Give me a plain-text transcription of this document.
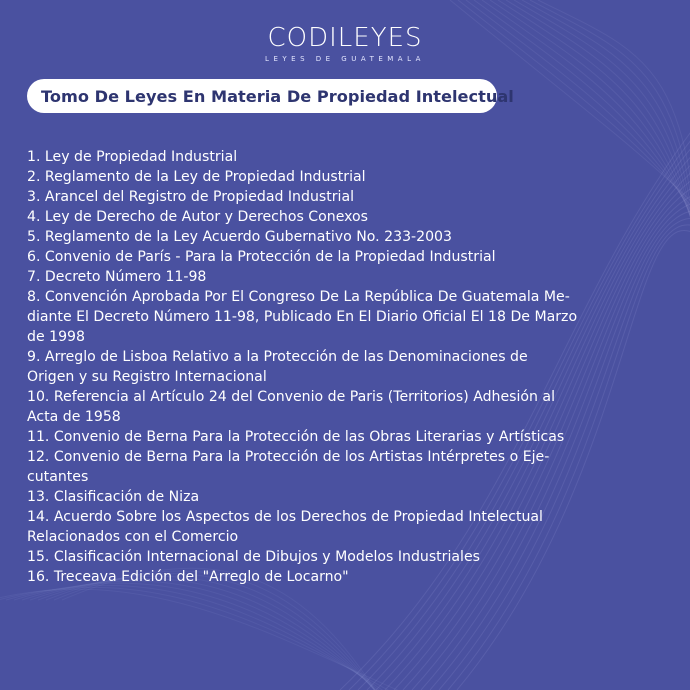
CODILEYES
LEYES DE GUATEMALA
Tomo De Leyes En Materia De Propiedad Intelectual
1. Ley de Propiedad Industrial
2. Reglamento de la Ley de Propiedad Industrial
3. Arancel del Registro de Propiedad Industrial
4. Ley de Derecho de Autor y Derechos Conexos
5. Reglamento de la Ley Acuerdo Gubernativo No. 233-2003
6. Convenio de París - Para la Protección de la Propiedad Industrial
7. Decreto Número 11-98
8. Convención Aprobada Por El Congreso De La República De Guatemala Me-
diante El Decreto Número 11-98, Publicado En El Diario Oficial El 18 De Marzo
de 1998
9. Arreglo de Lisboa Relativo a la Protección de las Denominaciones de
Origen y su Registro Internacional
10. Referencia al Artículo 24 del Convenio de Paris (Territorios) Adhesión al
Acta de 1958
11. Convenio de Berna Para la Protección de las Obras Literarias y Artísticas
12. Convenio de Berna Para la Protección de los Artistas Intérpretes o Eje-
cutantes
13. Clasificación de Niza
14. Acuerdo Sobre los Aspectos de los Derechos de Propiedad Intelectual
Relacionados con el Comercio
15. Clasificación Internacional de Dibujos y Modelos Industriales
16. Treceava Edición del "Arreglo de Locarno"
